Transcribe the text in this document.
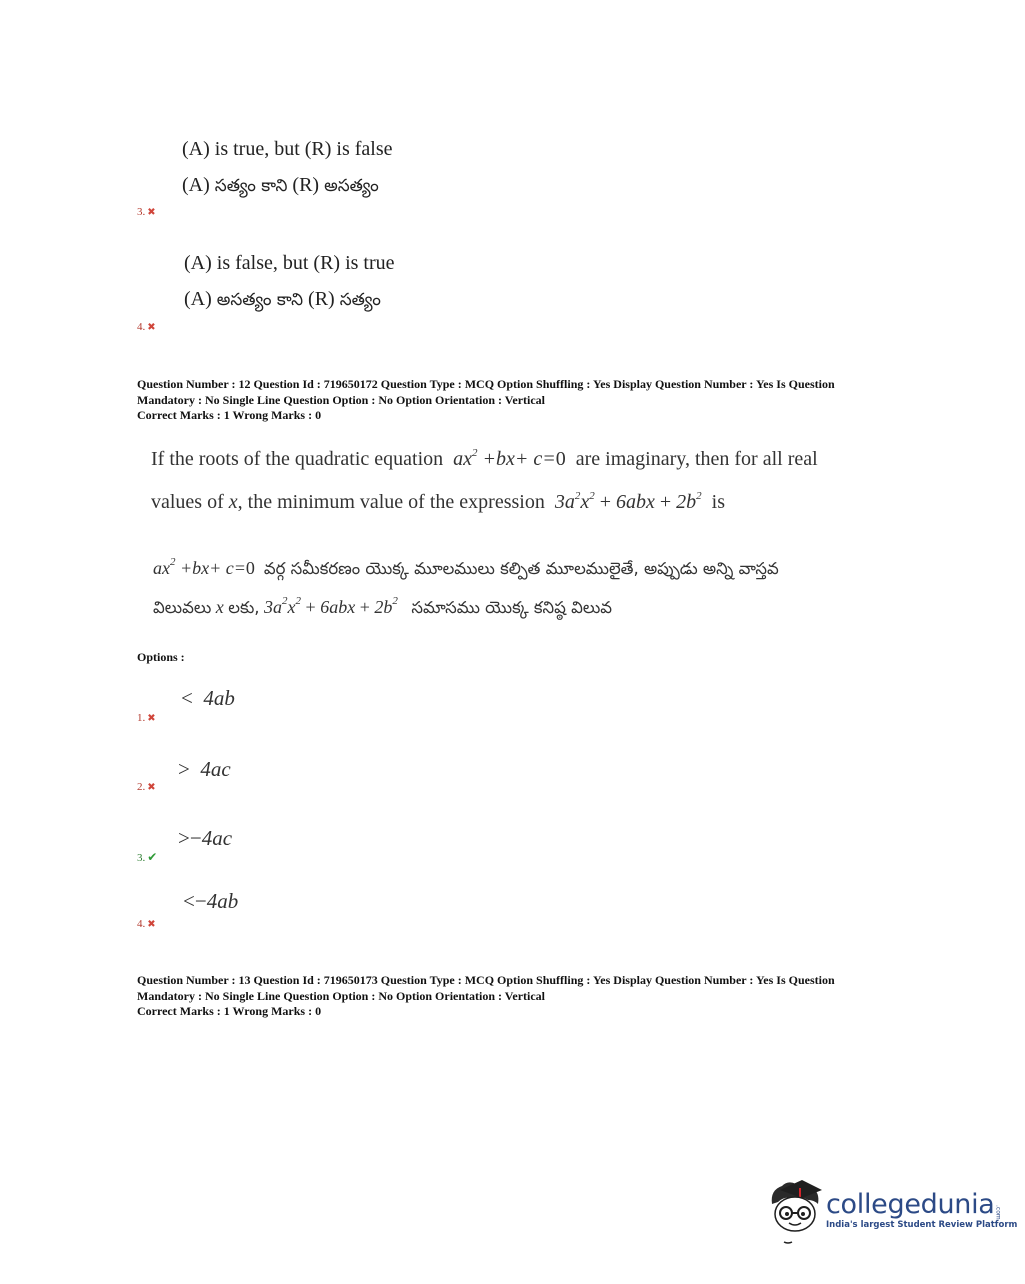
(A) is true, but (R) is false
(A) సత్యం కాని (R) అసత్యం
3. ✖
(A) is false, but (R) is true
(A) అసత్యం కాని (R) సత్యం
4. ✖
Question Number : 12 Question Id : 719650172 Question Type : MCQ Option Shuffling : Yes Display Question Number : Yes Is Question
Mandatory : No Single Line Question Option : No Option Orientation : Vertical
Correct Marks : 1 Wrong Marks : 0
If the roots of the quadratic equation $ax^2 +bx+ c=0$  are imaginary, then for all real
values of x, the minimum value of the expression $3a^2x^2 + 6abx + 2b^2$ is
$ax^2 +bx+ c=0$  వర్గ సమీకరణం యొక్క మూలములు కల్పిత మూలములైతే, అప్పుడు అన్ని వాస్తవ
విలువలు x లకు, $3a^2x^2 + 6abx + 2b^2$ సమాసము యొక్క కనిష్ఠ విలువ
Options :
<  4ab
1. ✖
>  4ac
2. ✖
>−4ac
3. ✔
<−4ab
4. ✖
Question Number : 13 Question Id : 719650173 Question Type : MCQ Option Shuffling : Yes Display Question Number : Yes Is Question
Mandatory : No Single Line Question Option : No Option Orientation : Vertical
Correct Marks : 1 Wrong Marks : 0
collegedunia .com
India's largest Student Review Platform
